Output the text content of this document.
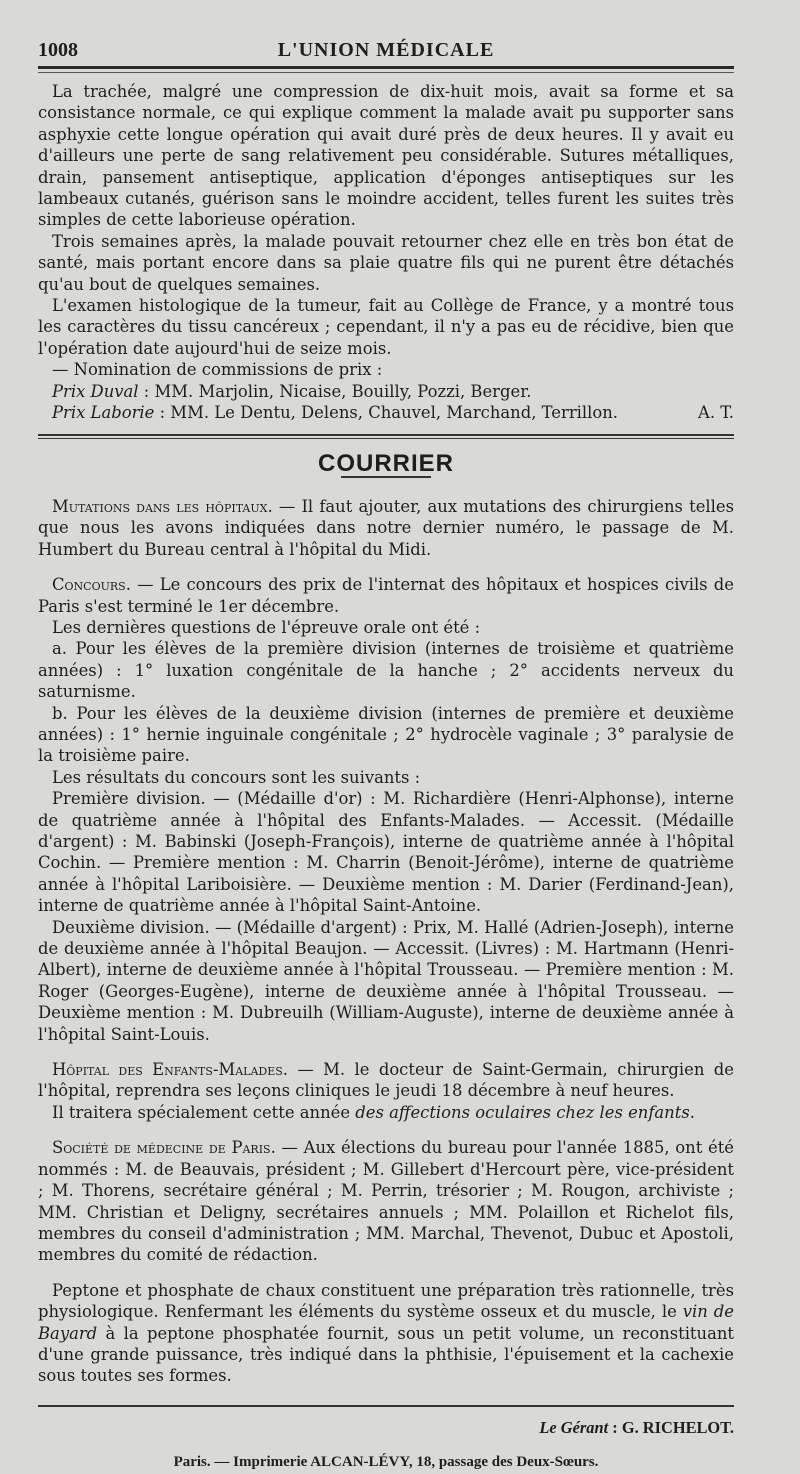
1008	L'UNION MÉDICALE

La trachée, malgré une compression de dix-huit mois, avait sa forme et sa consistance normale, ce qui explique comment la malade avait pu supporter sans asphyxie cette longue opération qui avait duré près de deux heures. Il y avait eu d'ailleurs une perte de sang relativement peu considérable. Sutures métalliques, drain, pansement antiseptique, application d'éponges antiseptiques sur les lambeaux cutanés, guérison sans le moindre accident, telles furent les suites très simples de cette laborieuse opération.

Trois semaines après, la malade pouvait retourner chez elle en très bon état de santé, mais portant encore dans sa plaie quatre fils qui ne purent être détachés qu'au bout de quelques semaines.

L'examen histologique de la tumeur, fait au Collège de France, y a montré tous les caractères du tissu cancéreux ; cependant, il n'y a pas eu de récidive, bien que l'opération date aujourd'hui de seize mois.

— Nomination de commissions de prix :

Prix Duval : MM. Marjolin, Nicaise, Bouilly, Pozzi, Berger.

Prix Laborie : MM. Le Dentu, Delens, Chauvel, Marchand, Terrillon.	A. T.

COURRIER

Mutations dans les hôpitaux. — Il faut ajouter, aux mutations des chirurgiens telles que nous les avons indiquées dans notre dernier numéro, le passage de M. Humbert du Bureau central à l'hôpital du Midi.

Concours. — Le concours des prix de l'internat des hôpitaux et hospices civils de Paris s'est terminé le 1er décembre.

Les dernières questions de l'épreuve orale ont été :

a. Pour les élèves de la première division (internes de troisième et quatrième années) : 1° luxation congénitale de la hanche ; 2° accidents nerveux du saturnisme.

b. Pour les élèves de la deuxième division (internes de première et deuxième années) : 1° hernie inguinale congénitale ; 2° hydrocèle vaginale ; 3° paralysie de la troisième paire.

Les résultats du concours sont les suivants :

Première division. — (Médaille d'or) : M. Richardière (Henri-Alphonse), interne de quatrième année à l'hôpital des Enfants-Malades. — Accessit. (Médaille d'argent) : M. Babinski (Joseph-François), interne de quatrième année à l'hôpital Cochin. — Première mention : M. Charrin (Benoit-Jérôme), interne de quatrième année à l'hôpital Lariboisière. — Deuxième mention : M. Darier (Ferdinand-Jean), interne de quatrième année à l'hôpital Saint-Antoine.

Deuxième division. — (Médaille d'argent) : Prix, M. Hallé (Adrien-Joseph), interne de deuxième année à l'hôpital Beaujon. — Accessit. (Livres) : M. Hartmann (Henri-Albert), interne de deuxième année à l'hôpital Trousseau. — Première mention : M. Roger (Georges-Eugène), interne de deuxième année à l'hôpital Trousseau. — Deuxième mention : M. Dubreuilh (William-Auguste), interne de deuxième année à l'hôpital Saint-Louis.

Hôpital des Enfants-Malades. — M. le docteur de Saint-Germain, chirurgien de l'hôpital, reprendra ses leçons cliniques le jeudi 18 décembre à neuf heures.

Il traitera spécialement cette année des affections oculaires chez les enfants.

Société de médecine de Paris. — Aux élections du bureau pour l'année 1885, ont été nommés : M. de Beauvais, président ; M. Gillebert d'Hercourt père, vice-président ; M. Thorens, secrétaire général ; M. Perrin, trésorier ; M. Rougon, archiviste ; MM. Christian et Deligny, secrétaires annuels ; MM. Polaillon et Richelot fils, membres du conseil d'administration ; MM. Marchal, Thevenot, Dubuc et Apostoli, membres du comité de rédaction.

Peptone et phosphate de chaux constituent une préparation très rationnelle, très physiologique. Renfermant les éléments du système osseux et du muscle, le vin de Bayard à la peptone phosphatée fournit, sous un petit volume, un reconstituant d'une grande puissance, très indiqué dans la phthisie, l'épuisement et la cachexie sous toutes ses formes.

Le Gérant : G. RICHELOT.
Paris. — Imprimerie ALCAN-LÉVY, 18, passage des Deux-Sœurs.
